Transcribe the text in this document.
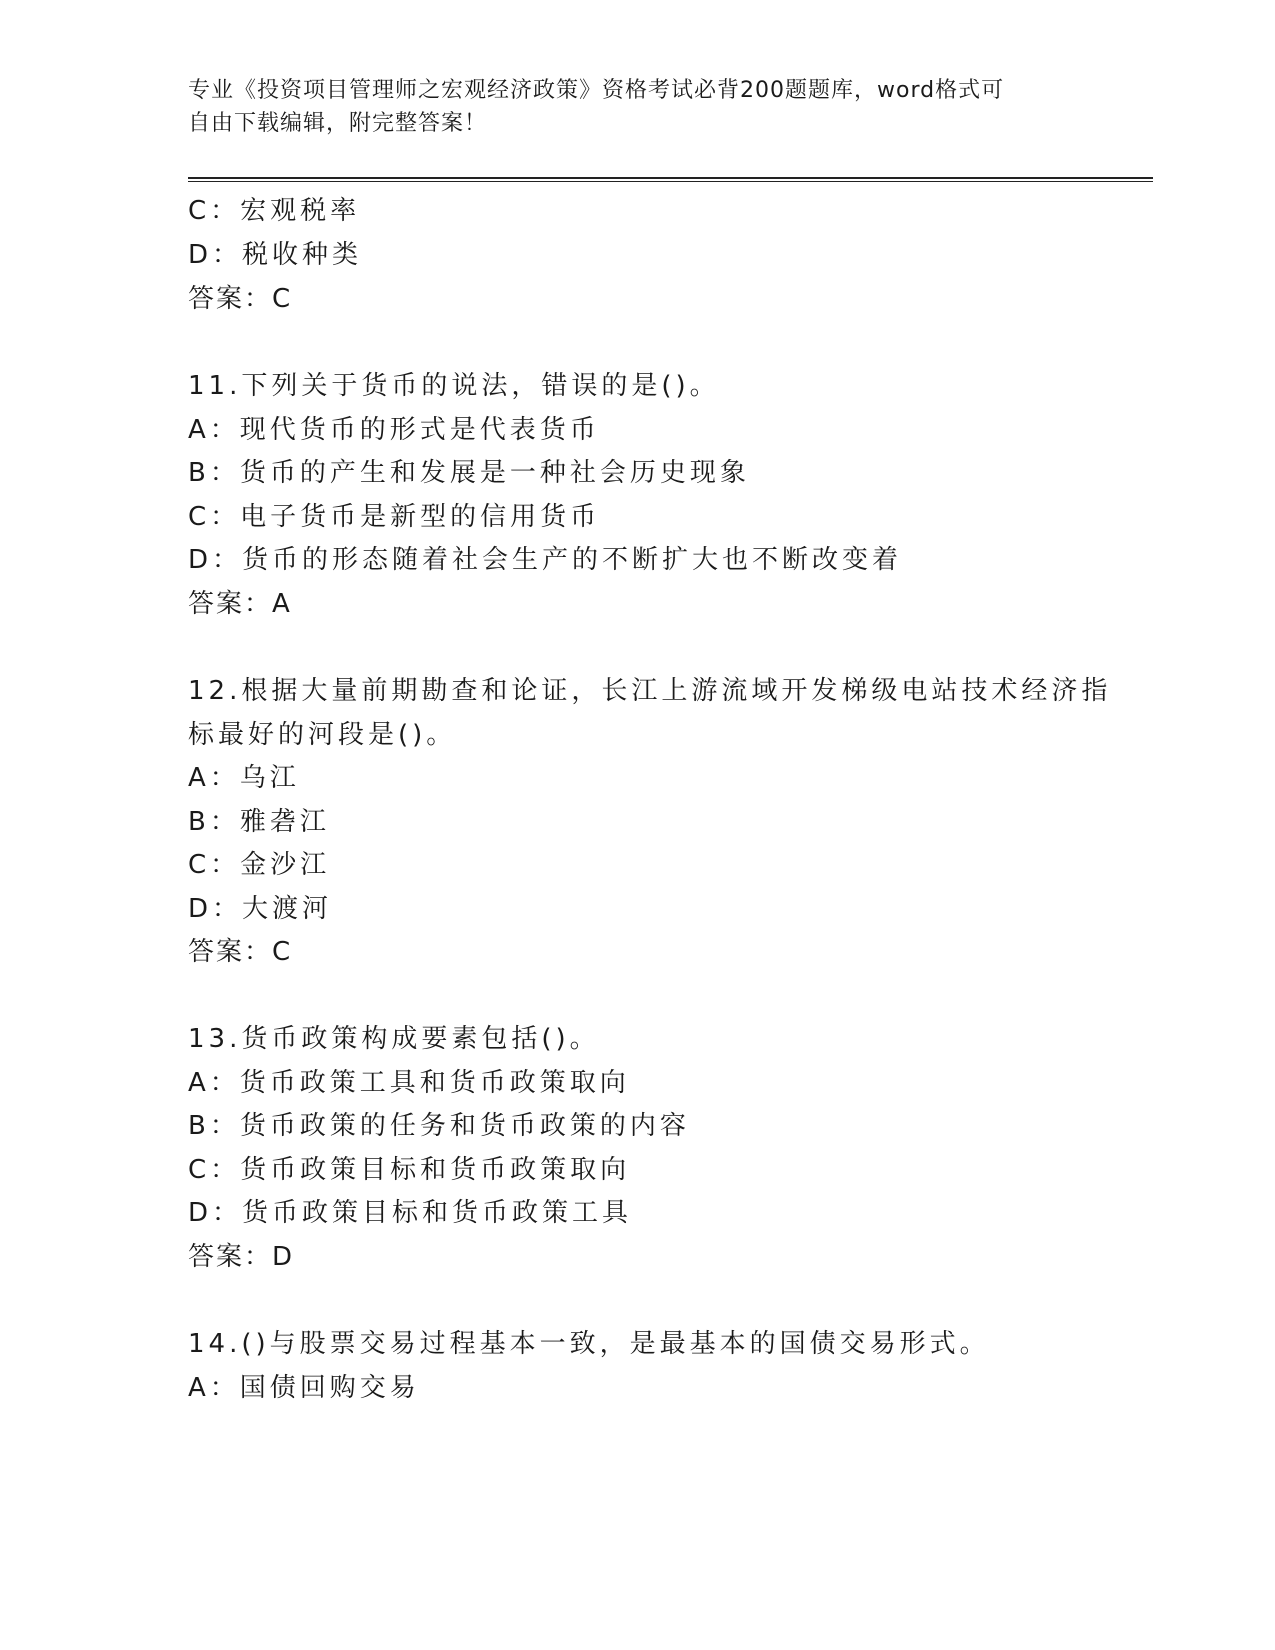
专业《投资项目管理师之宏观经济政策》资格考试必背200题题库，word格式可
自由下载编辑，附完整答案！
C：宏观税率
D：税收种类
答案：C
11.下列关于货币的说法，错误的是()。
A：现代货币的形式是代表货币
B：货币的产生和发展是一种社会历史现象
C：电子货币是新型的信用货币
D：货币的形态随着社会生产的不断扩大也不断改变着
答案：A
12.根据大量前期勘查和论证，长江上游流域开发梯级电站技术经济指
标最好的河段是()。
A：乌江
B：雅砻江
C：金沙江
D：大渡河
答案：C
13.货币政策构成要素包括()。
A：货币政策工具和货币政策取向
B：货币政策的任务和货币政策的内容
C：货币政策目标和货币政策取向
D：货币政策目标和货币政策工具
答案：D
14.()与股票交易过程基本一致，是最基本的国债交易形式。
A：国债回购交易
